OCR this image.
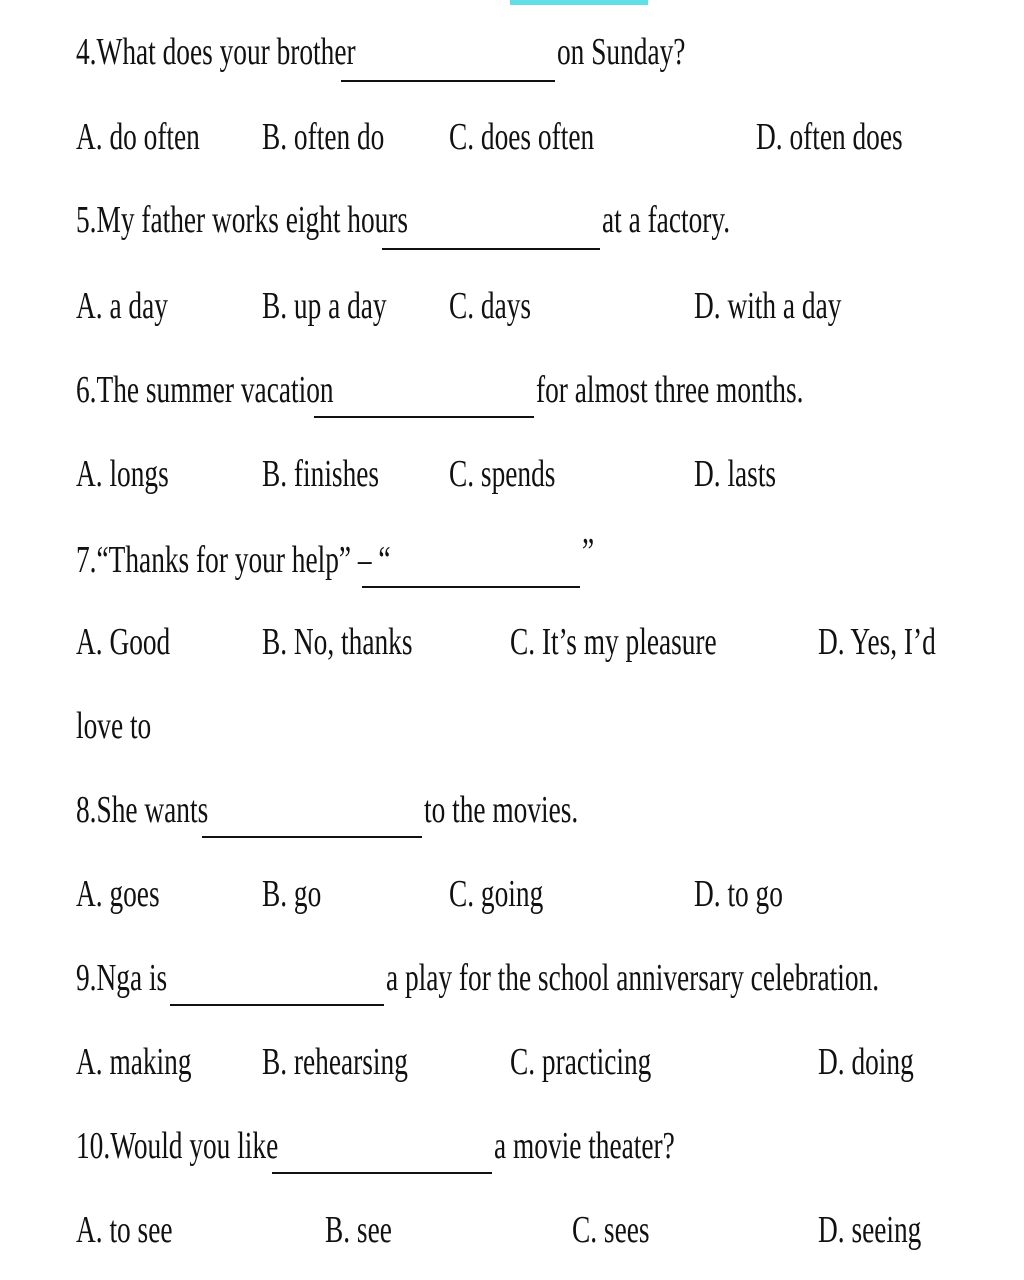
4.What does your brother	on Sunday?
A. do often B. often do C. does often	D. often does
5.My father works eight hours	at a factory.
A. a day B. up a day C. days	D. with a day
6.The summer vacation	for almost three months.
A. longs B. finishes C. spends	D. lasts
7.“Thanks for your help” – “	”
A. Good B. No, thanks	C. It’s my pleasure	D. Yes, I’d
love to
8.She wants	to the movies.
A. goes	B. go	C. going	D. to go
9.Nga is	a play for the school anniversary celebration.
A. making B. rehearsing	C. practicing	D. doing
10.Would you like	a movie theater?
A. to see	B. see	C. sees	D. seeing
